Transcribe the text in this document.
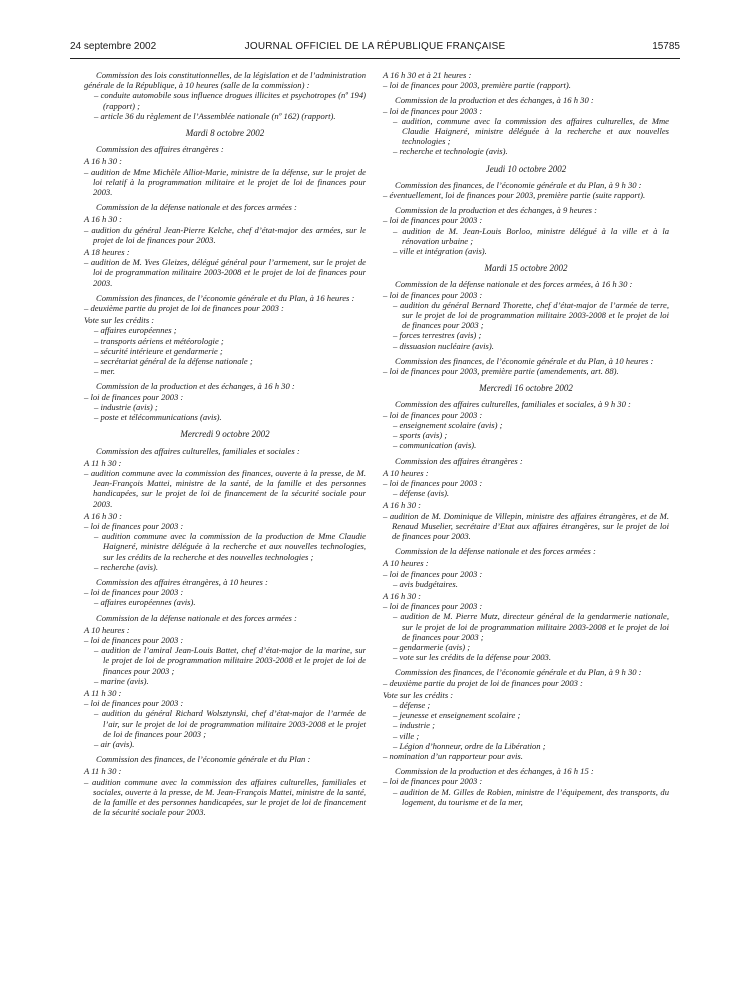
24 septembre 2002	JOURNAL OFFICIEL DE LA RÉPUBLIQUE FRANÇAISE	15785

Commission des lois constitutionnelles, de la législation et de l’administration générale de la République, à 10 heures (salle de la commission) :

– conduite automobile sous influence drogues illicites et psychotropes (nº 194) (rapport) ;

– article 36 du règlement de l’Assemblée nationale (nº 162) (rapport).

Mardi 8 octobre 2002

Commission des affaires étrangères :

A 16 h 30 :

– audition de Mme Michèle Alliot-Marie, ministre de la défense, sur le projet de loi relatif à la programmation militaire et le projet de loi de finances pour 2003.

Commission de la défense nationale et des forces armées :

A 16 h 30 :

– audition du général Jean-Pierre Kelche, chef d’état-major des armées, sur le projet de loi de finances pour 2003.

A 18 heures :

– audition de M. Yves Gleizes, délégué général pour l’armement, sur le projet de loi de programmation militaire 2003-2008 et le projet de loi de finances pour 2003.

Commission des finances, de l’économie générale et du Plan, à 16 heures :

– deuxième partie du projet de loi de finances pour 2003 :

Vote sur les crédits :

– affaires européennes ;

– transports aériens et météorologie ;

– sécurité intérieure et gendarmerie ;

– secrétariat général de la défense nationale ;

– mer.

Commission de la production et des échanges, à 16 h 30 :

– loi de finances pour 2003 :

– industrie (avis) ;

– poste et télécommunications (avis).

Mercredi 9 octobre 2002

Commission des affaires culturelles, familiales et sociales :

A 11 h 30 :

– audition commune avec la commission des finances, ouverte à la presse, de M. Jean-François Mattei, ministre de la santé, de la famille et des personnes handicapées, sur le projet de loi de financement de la sécurité sociale pour 2003.

A 16 h 30 :

– loi de finances pour 2003 :

– audition commune avec la commission de la production de Mme Claudie Haigneré, ministre déléguée à la recherche et aux nouvelles technologies, sur les crédits de la recherche et des nouvelles technologies ;

– recherche (avis).

Commission des affaires étrangères, à 10 heures :

– loi de finances pour 2003 :

– affaires européennes (avis).

Commission de la défense nationale et des forces armées :

A 10 heures :

– loi de finances pour 2003 :

– audition de l’amiral Jean-Louis Battet, chef d’état-major de la marine, sur le projet de loi de programmation militaire 2003-2008 et le projet de loi de finances pour 2003 ;

– marine (avis).

A 11 h 30 :

– loi de finances pour 2003 :

– audition du général Richard Wolsztynski, chef d’état-major de l’armée de l’air, sur le projet de loi de programmation militaire 2003-2008 et le projet de loi de finances pour 2003 ;

– air (avis).

Commission des finances, de l’économie générale et du Plan :

A 11 h 30 :

– audition commune avec la commission des affaires culturelles, familiales et sociales, ouverte à la presse, de M. Jean-François Mattei, ministre de la santé, de la famille et des personnes handicapées, sur le projet de loi de financement de la sécurité sociale pour 2003.

A 16 h 30 et à 21 heures :

– loi de finances pour 2003, première partie (rapport).

Commission de la production et des échanges, à 16 h 30 :

– loi de finances pour 2003 :

– audition, commune avec la commission des affaires culturelles, de Mme Claudie Haigneré, ministre déléguée à la recherche et aux nouvelles technologies ;

– recherche et technologie (avis).

Jeudi 10 octobre 2002

Commission des finances, de l’économie générale et du Plan, à 9 h 30 :

– éventuellement, loi de finances pour 2003, première partie (suite rapport).

Commission de la production et des échanges, à 9 heures :

– loi de finances pour 2003 :

– audition de M. Jean-Louis Borloo, ministre délégué à la ville et à la rénovation urbaine ;

– ville et intégration (avis).

Mardi 15 octobre 2002

Commission de la défense nationale et des forces armées, à 16 h 30 :

– loi de finances pour 2003 :

– audition du général Bernard Thorette, chef d’état-major de l’armée de terre, sur le projet de loi de programmation militaire 2003-2008 et le projet de loi de finances pour 2003 ;

– forces terrestres (avis) ;

– dissuasion nucléaire (avis).

Commission des finances, de l’économie générale et du Plan, à 10 heures :

– loi de finances pour 2003, première partie (amendements, art. 88).

Mercredi 16 octobre 2002

Commission des affaires culturelles, familiales et sociales, à 9 h 30 :

– loi de finances pour 2003 :

– enseignement scolaire (avis) ;

– sports (avis) ;

– communication (avis).

Commission des affaires étrangères :

A 10 heures :

– loi de finances pour 2003 :

– défense (avis).

A 16 h 30 :

– audition de M. Dominique de Villepin, ministre des affaires étrangères, et de M. Renaud Muselier, secrétaire d’Etat aux affaires étrangères, sur le projet de loi de finances pour 2003.

Commission de la défense nationale et des forces armées :

A 10 heures :

– loi de finances pour 2003 :

– avis budgétaires.

A 16 h 30 :

– loi de finances pour 2003 :

– audition de M. Pierre Mutz, directeur général de la gendarmerie nationale, sur le projet de loi de programmation militaire 2003-2008 et le projet de loi de finances pour 2003 ;

– gendarmerie (avis) ;

– vote sur les crédits de la défense pour 2003.

Commission des finances, de l’économie générale et du Plan, à 9 h 30 :

– deuxième partie du projet de loi de finances pour 2003 :

Vote sur les crédits :

– défense ;

– jeunesse et enseignement scolaire ;

– industrie ;

– ville ;

– Légion d’honneur, ordre de la Libération ;

– nomination d’un rapporteur pour avis.

Commission de la production et des échanges, à 16 h 15 :

– loi de finances pour 2003 :

– audition de M. Gilles de Robien, ministre de l’équipement, des transports, du logement, du tourisme et de la mer,
